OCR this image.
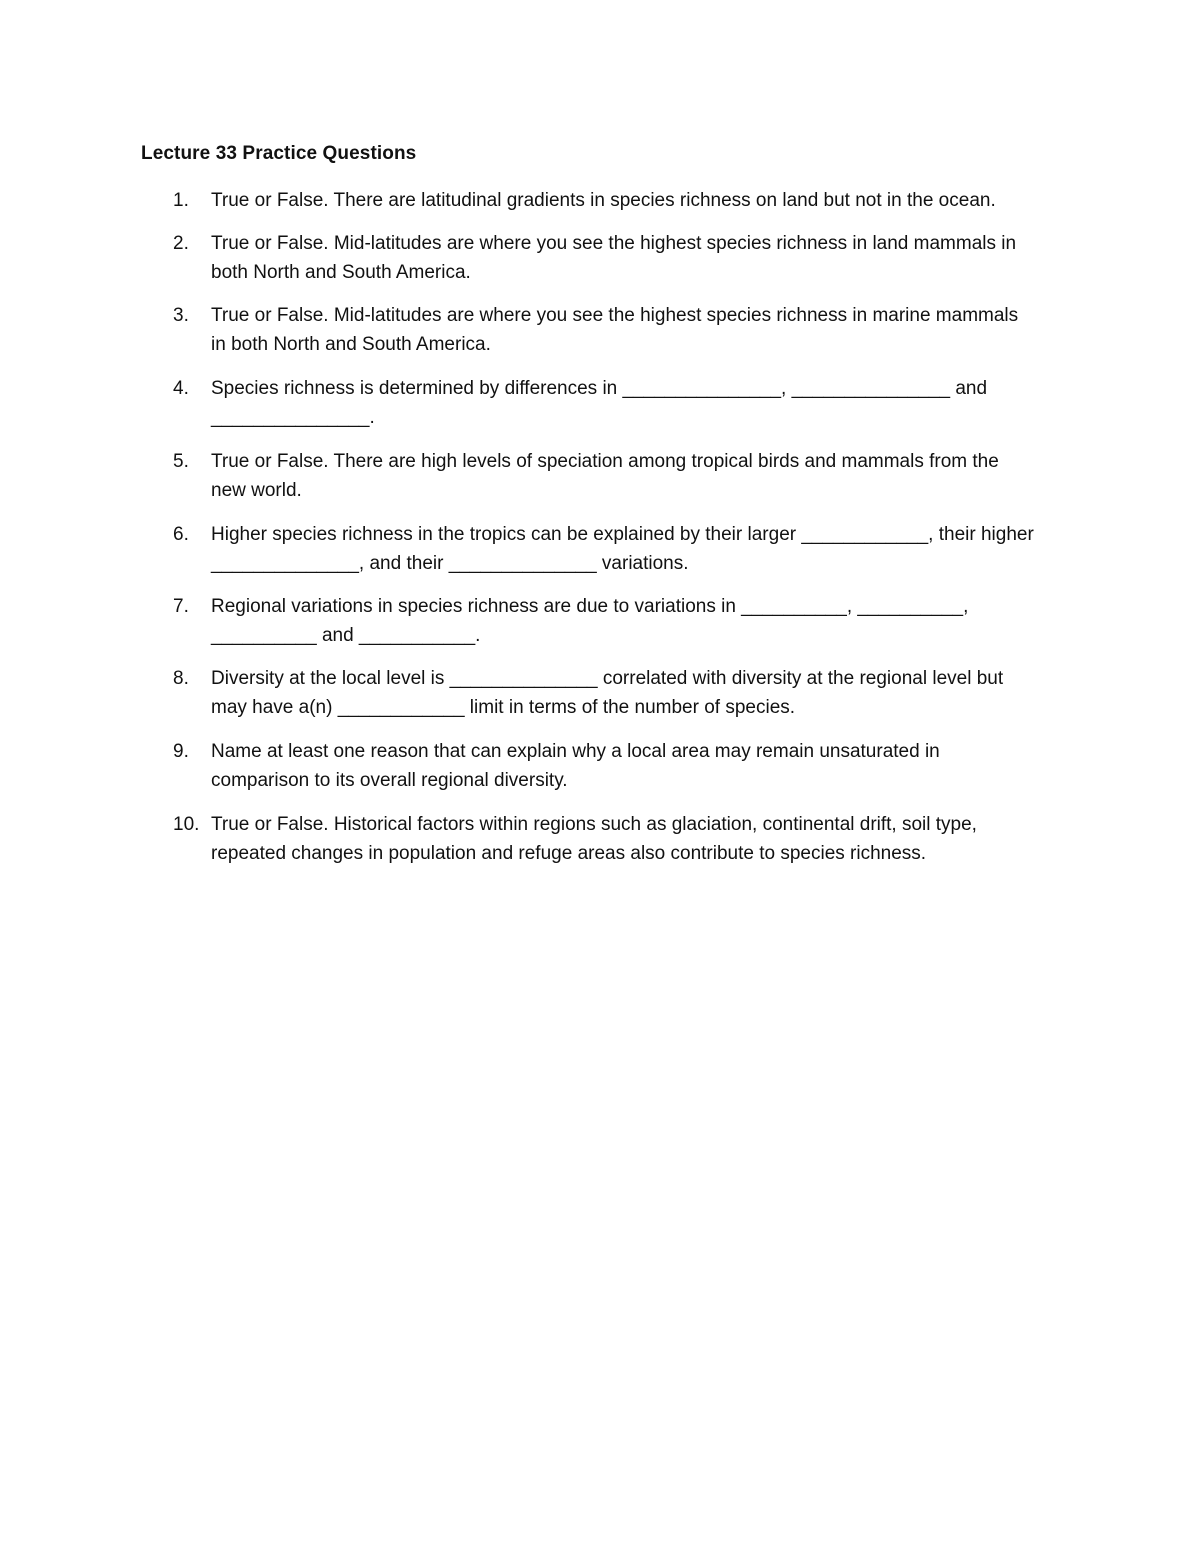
Lecture 33 Practice Questions
1. True or False. There are latitudinal gradients in species richness on land but not in the ocean.
2. True or False. Mid-latitudes are where you see the highest species richness in land mammals in
both North and South America.
3. True or False. Mid-latitudes are where you see the highest species richness in marine mammals
in both North and South America.
4. Species richness is determined by differences in _______________, _______________ and
_______________.
5. True or False. There are high levels of speciation among tropical birds and mammals from the
new world.
6. Higher species richness in the tropics can be explained by their larger ____________, their higher
______________, and their ______________ variations.
7. Regional variations in species richness are due to variations in __________, __________,
__________ and ___________.
8. Diversity at the local level is ______________ correlated with diversity at the regional level but
may have a(n) ____________ limit in terms of the number of species.
9. Name at least one reason that can explain why a local area may remain unsaturated in
comparison to its overall regional diversity.
10. True or False. Historical factors within regions such as glaciation, continental drift, soil type,
repeated changes in population and refuge areas also contribute to species richness.
